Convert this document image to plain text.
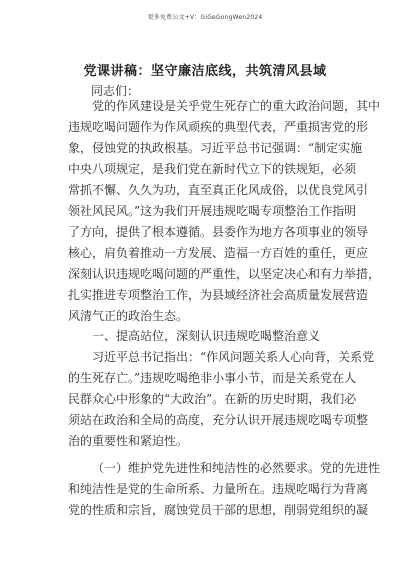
更多免费公文+V：GiGeGongWen2024
党课讲稿：坚守廉洁底线，共筑清风县域
同志们：
党的作风建设是关乎党生死存亡的重大政治问题，其中
违规吃喝问题作为作风顽疾的典型代表，严重损害党的形
象，侵蚀党的执政根基。习近平总书记强调：“制定实施
中央八项规定，是我们党在新时代立下的铁规矩，必须
常抓不懈、久久为功，直至真正化风成俗，以优良党风引
领社风民风。”这为我们开展违规吃喝专项整治工作指明
了方向，提供了根本遵循。县委作为地方各项事业的领导
核心，肩负着推动一方发展、造福一方百姓的重任，更应
深刻认识违规吃喝问题的严重性，以坚定决心和有力举措，
扎实推进专项整治工作，为县域经济社会高质量发展营造
风清气正的政治生态。
一、提高站位，深刻认识违规吃喝整治意义
习近平总书记指出：“作风问题关系人心向背，关系党
的生死存亡。”违规吃喝绝非小事小节，而是关系党在人
民群众心中形象的“大政治”。在新的历史时期，我们必
须站在政治和全局的高度，充分认识开展违规吃喝专项整
治的重要性和紧迫性。
（一）维护党先进性和纯洁性的必然要求。党的先进性
和纯洁性是党的生命所系、力量所在。违规吃喝行为背离
党的性质和宗旨，腐蚀党员干部的思想，削弱党组织的凝
